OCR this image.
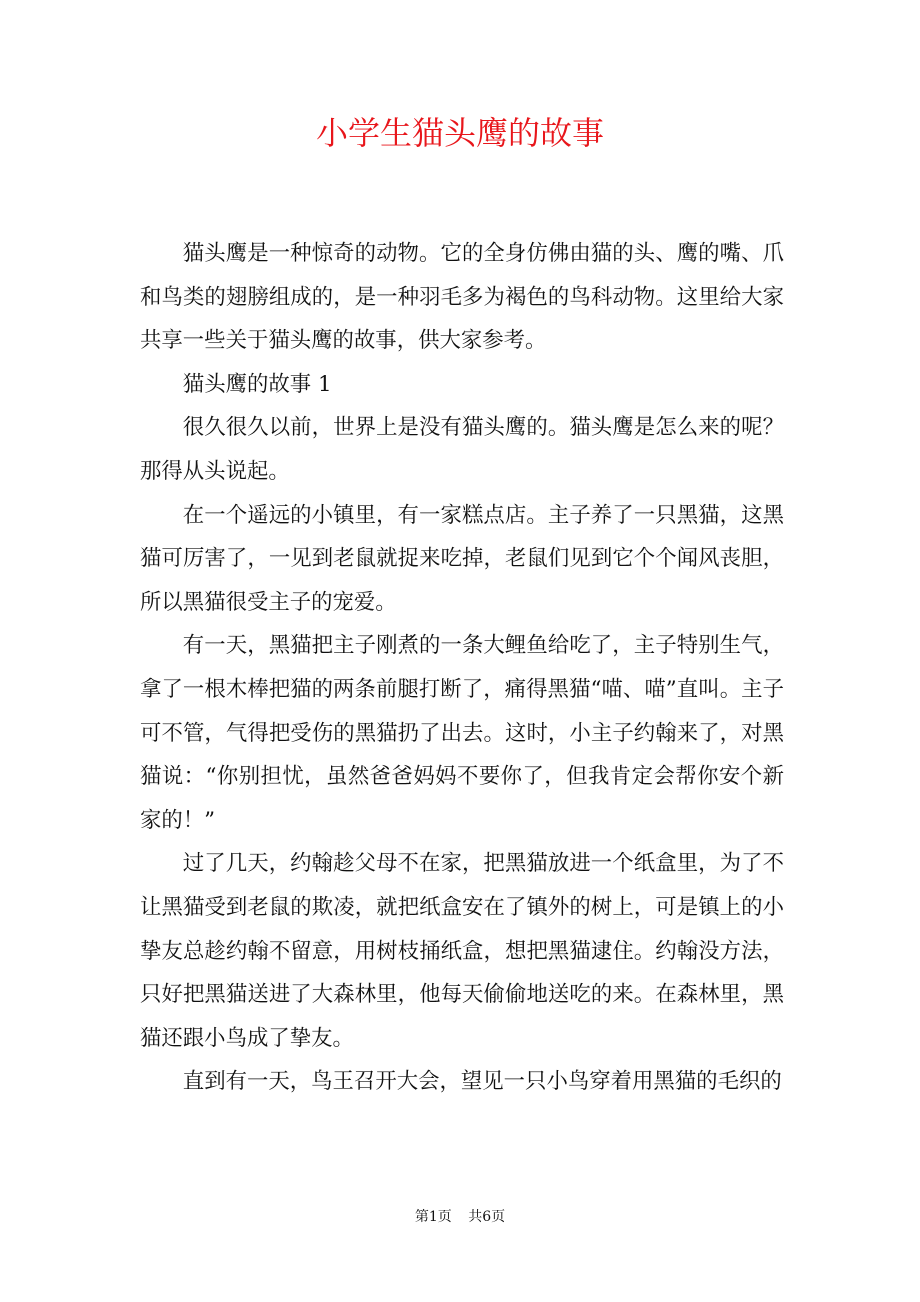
小学生猫头鹰的故事

猫头鹰是一种惊奇的动物。它的全身仿佛由猫的头、鹰的嘴、爪和鸟类的翅膀组成的，是一种羽毛多为褐色的鸟科动物。这里给大家共享一些关于猫头鹰的故事，供大家参考。

猫头鹰的故事 1

很久很久以前，世界上是没有猫头鹰的。猫头鹰是怎么来的呢？那得从头说起。

在一个遥远的小镇里，有一家糕点店。主子养了一只黑猫，这黑猫可厉害了，一见到老鼠就捉来吃掉，老鼠们见到它个个闻风丧胆，所以黑猫很受主子的宠爱。

有一天，黑猫把主子刚煮的一条大鲤鱼给吃了，主子特别生气，拿了一根木棒把猫的两条前腿打断了，痛得黑猫“喵、喵”直叫。主子可不管，气得把受伤的黑猫扔了出去。这时，小主子约翰来了，对黑猫说：“你别担忧，虽然爸爸妈妈不要你了，但我肯定会帮你安个新家的！”

过了几天，约翰趁父母不在家，把黑猫放进一个纸盒里，为了不让黑猫受到老鼠的欺凌，就把纸盒安在了镇外的树上，可是镇上的小挚友总趁约翰不留意，用树枝捅纸盒，想把黑猫逮住。约翰没方法，只好把黑猫送进了大森林里，他每天偷偷地送吃的来。在森林里，黑猫还跟小鸟成了挚友。

直到有一天，鸟王召开大会，望见一只小鸟穿着用黑猫的毛织的

第1页 共6页
